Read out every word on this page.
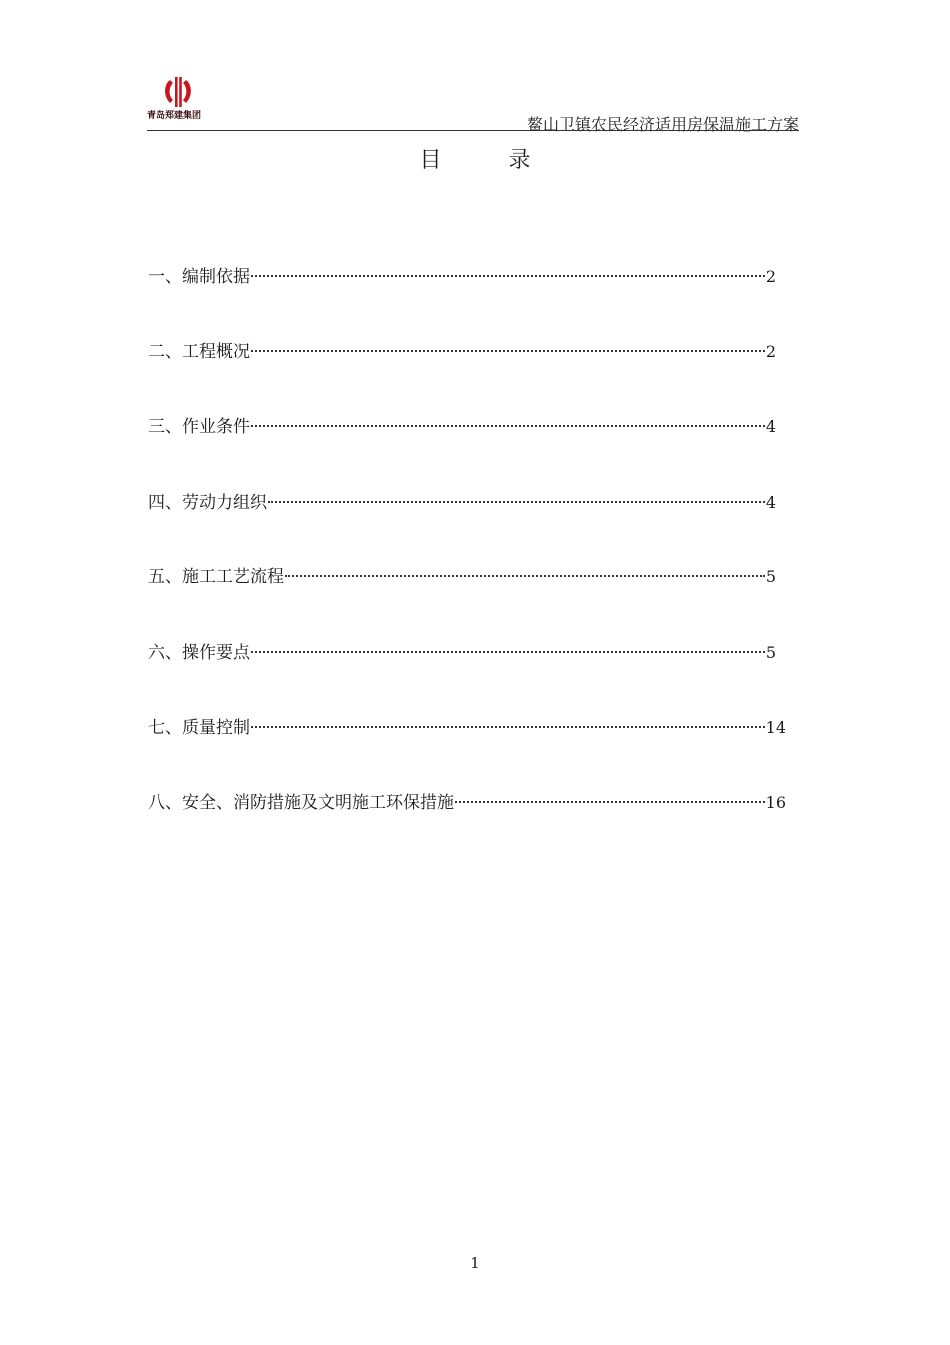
青岛郑建集团	鳌山卫镇农民经济适用房保温施工方案
目 录
一、编制依据	2
二、工程概况	2
三、作业条件	4
四、劳动力组织	4
五、施工工艺流程	5
六、操作要点	5
七、质量控制	14
八、安全、消防措施及文明施工环保措施	16
1
